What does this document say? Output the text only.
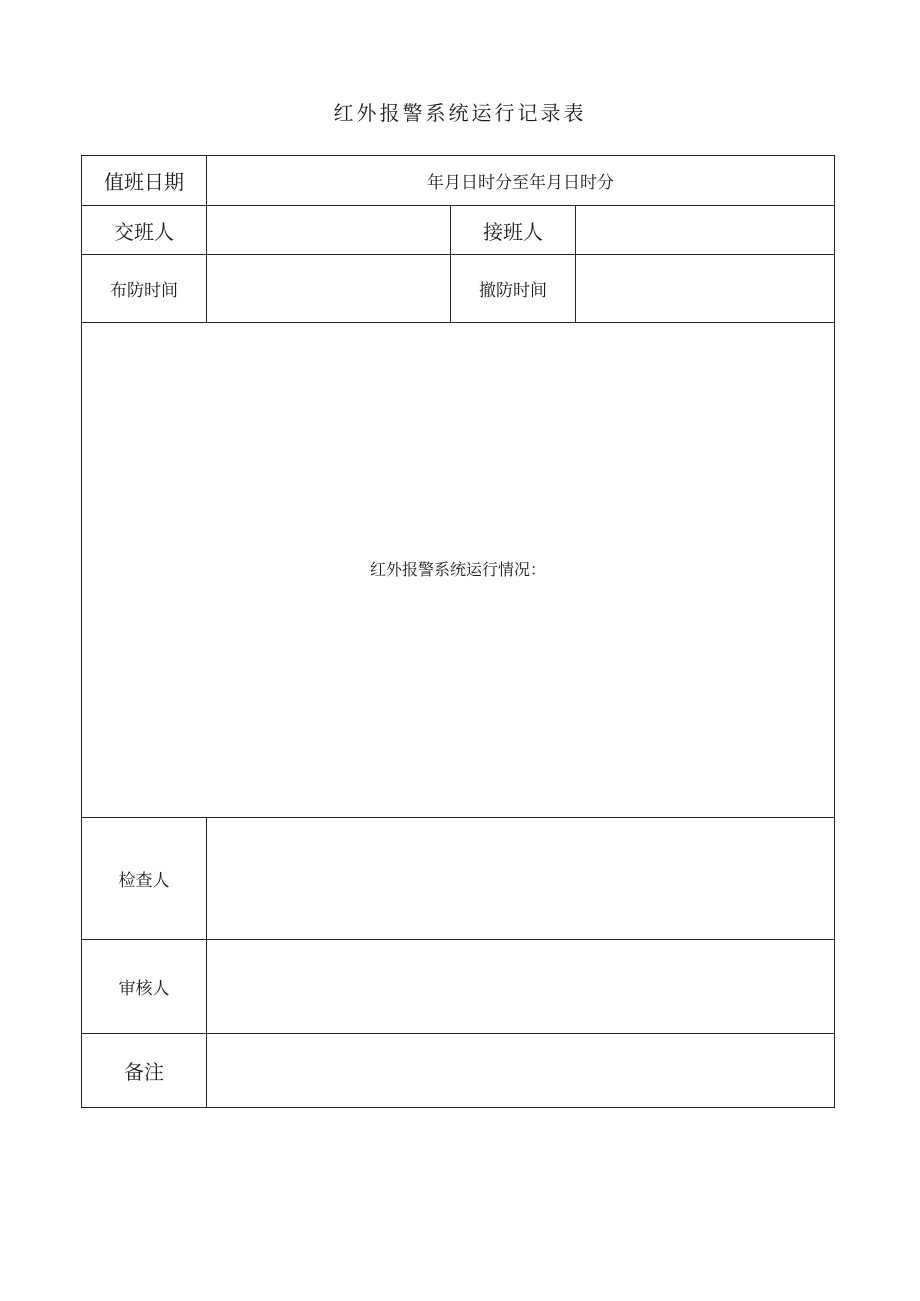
红外报警系统运行记录表
值班日期	年月日时分至年月日时分		
交班人		接班人	
布防时间		撤防时间	
红外报警系统运行情况：			
检查人			
审核人			
备注			
